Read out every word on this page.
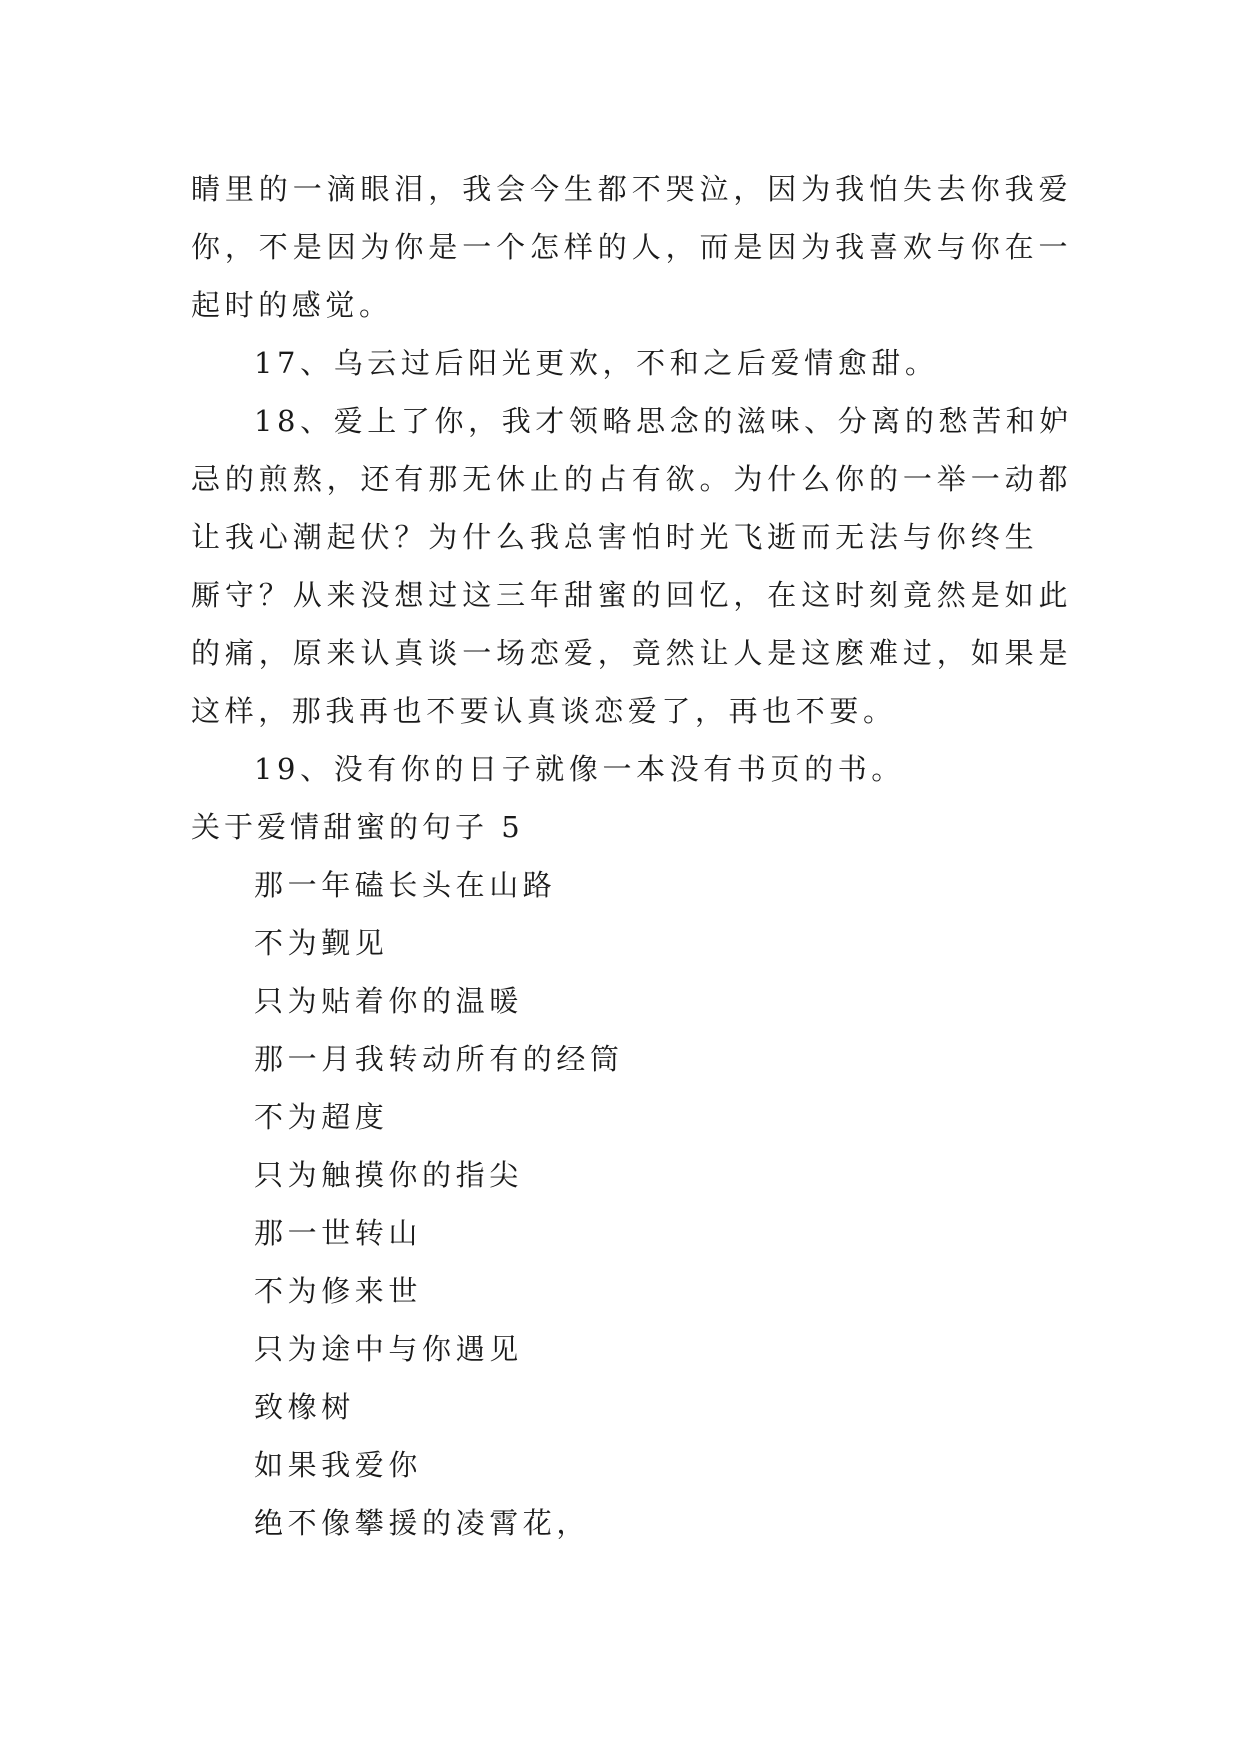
睛里的一滴眼泪，我会今生都不哭泣，因为我怕失去你我爱

你，不是因为你是一个怎样的人，而是因为我喜欢与你在一

起时的感觉。

17、乌云过后阳光更欢，不和之后爱情愈甜。

18、爱上了你，我才领略思念的滋味、分离的愁苦和妒

忌的煎熬，还有那无休止的占有欲。为什么你的一举一动都

让我心潮起伏？为什么我总害怕时光飞逝而无法与你终生

厮守？从来没想过这三年甜蜜的回忆，在这时刻竟然是如此

的痛，原来认真谈一场恋爱，竟然让人是这麽难过，如果是

这样，那我再也不要认真谈恋爱了，再也不要。

19、没有你的日子就像一本没有书页的书。

关于爱情甜蜜的句子 5

那一年磕长头在山路

不为觐见

只为贴着你的温暖

那一月我转动所有的经筒

不为超度

只为触摸你的指尖

那一世转山

不为修来世

只为途中与你遇见

致橡树

如果我爱你

绝不像攀援的凌霄花，
